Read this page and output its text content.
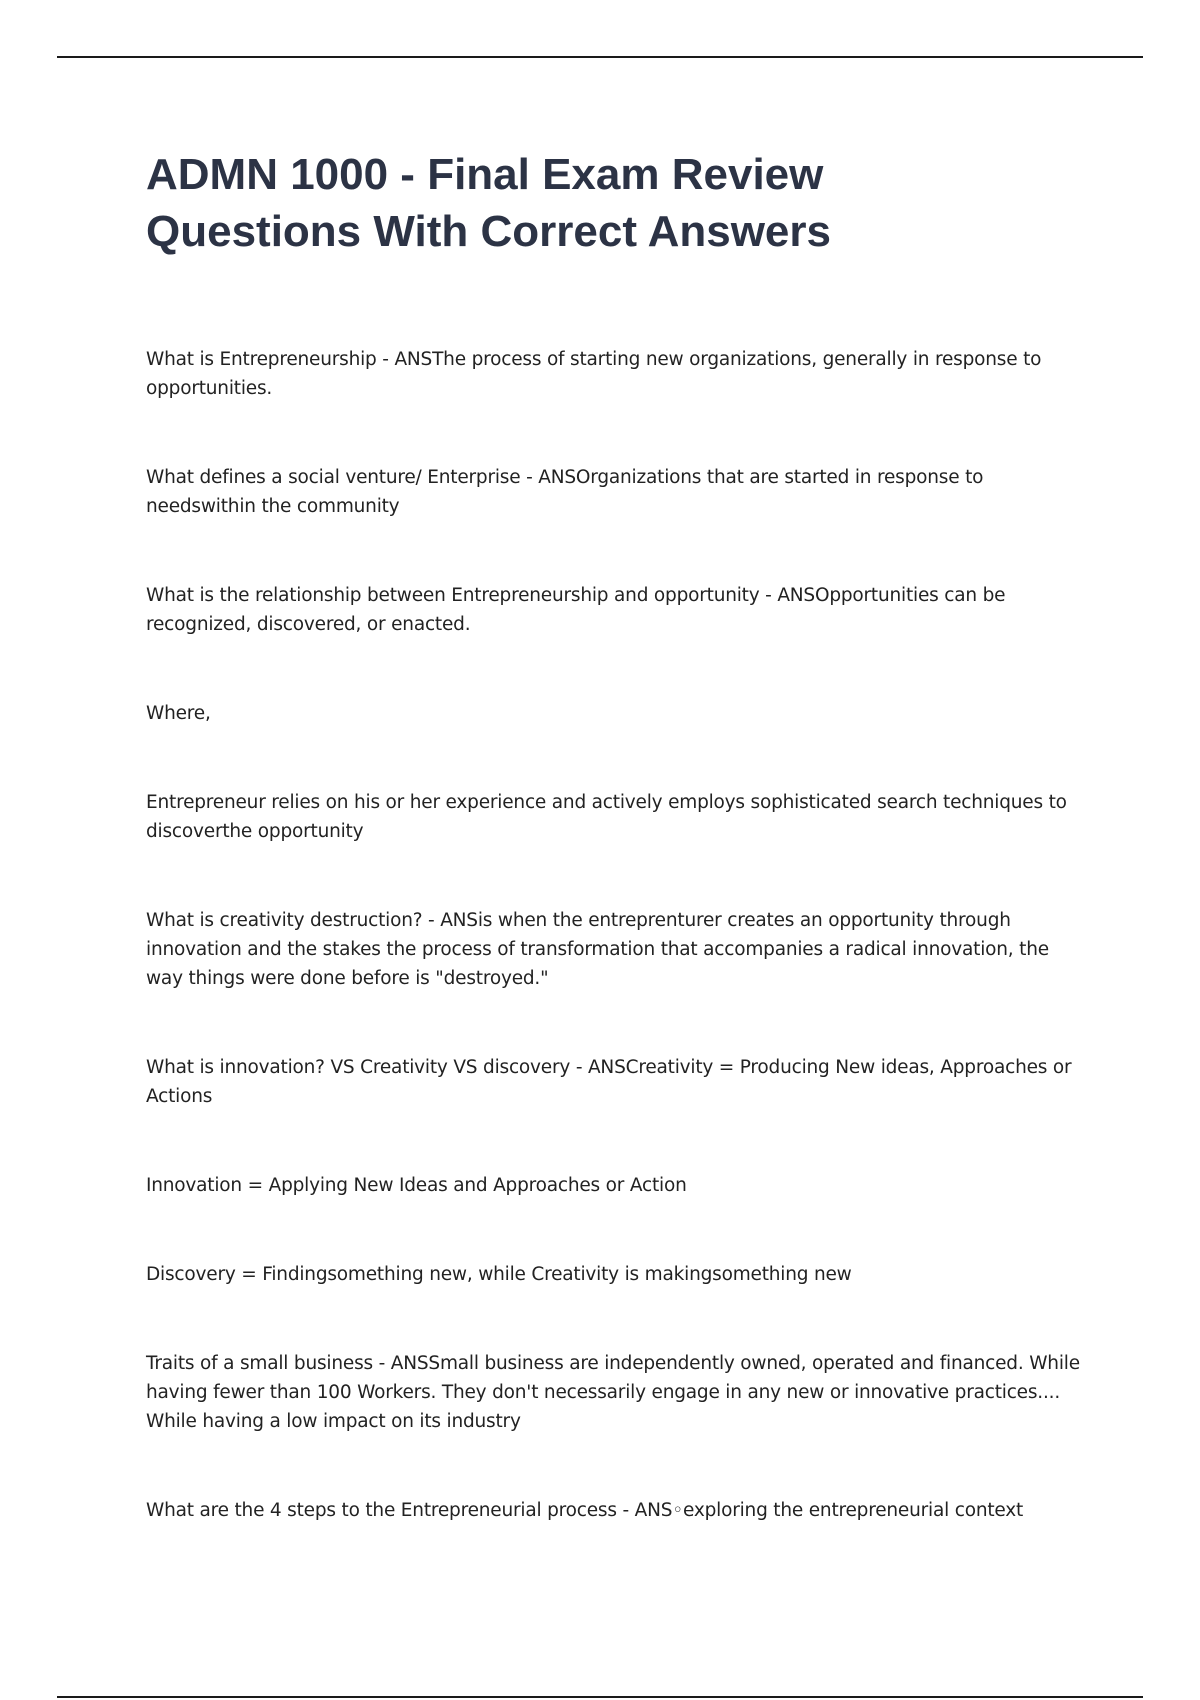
ADMN 1000 - Final Exam Review
Questions With Correct Answers

What is Entrepreneurship - ANSThe process of starting new organizations, generally in response to opportunities.

What defines a social venture/ Enterprise - ANSOrganizations that are started in response to needswithin the community

What is the relationship between Entrepreneurship and opportunity - ANSOpportunities can be recognized, discovered, or enacted.

Where,

Entrepreneur relies on his or her experience and actively employs sophisticated search techniques to discoverthe opportunity

What is creativity destruction? - ANSis when the entreprenturer creates an opportunity through innovation and the stakes the process of transformation that accompanies a radical innovation, the way things were done before is "destroyed."

What is innovation? VS Creativity VS discovery - ANSCreativity = Producing New ideas, Approaches or Actions

Innovation = Applying New Ideas and Approaches or Action

Discovery = Findingsomething new, while Creativity is makingsomething new

Traits of a small business - ANSSmall business are independently owned, operated and financed. While having fewer than 100 Workers. They don't necessarily engage in any new or innovative practices.... While having a low impact on its industry

What are the 4 steps to the Entrepreneurial process - ANS◦exploring the entrepreneurial context
